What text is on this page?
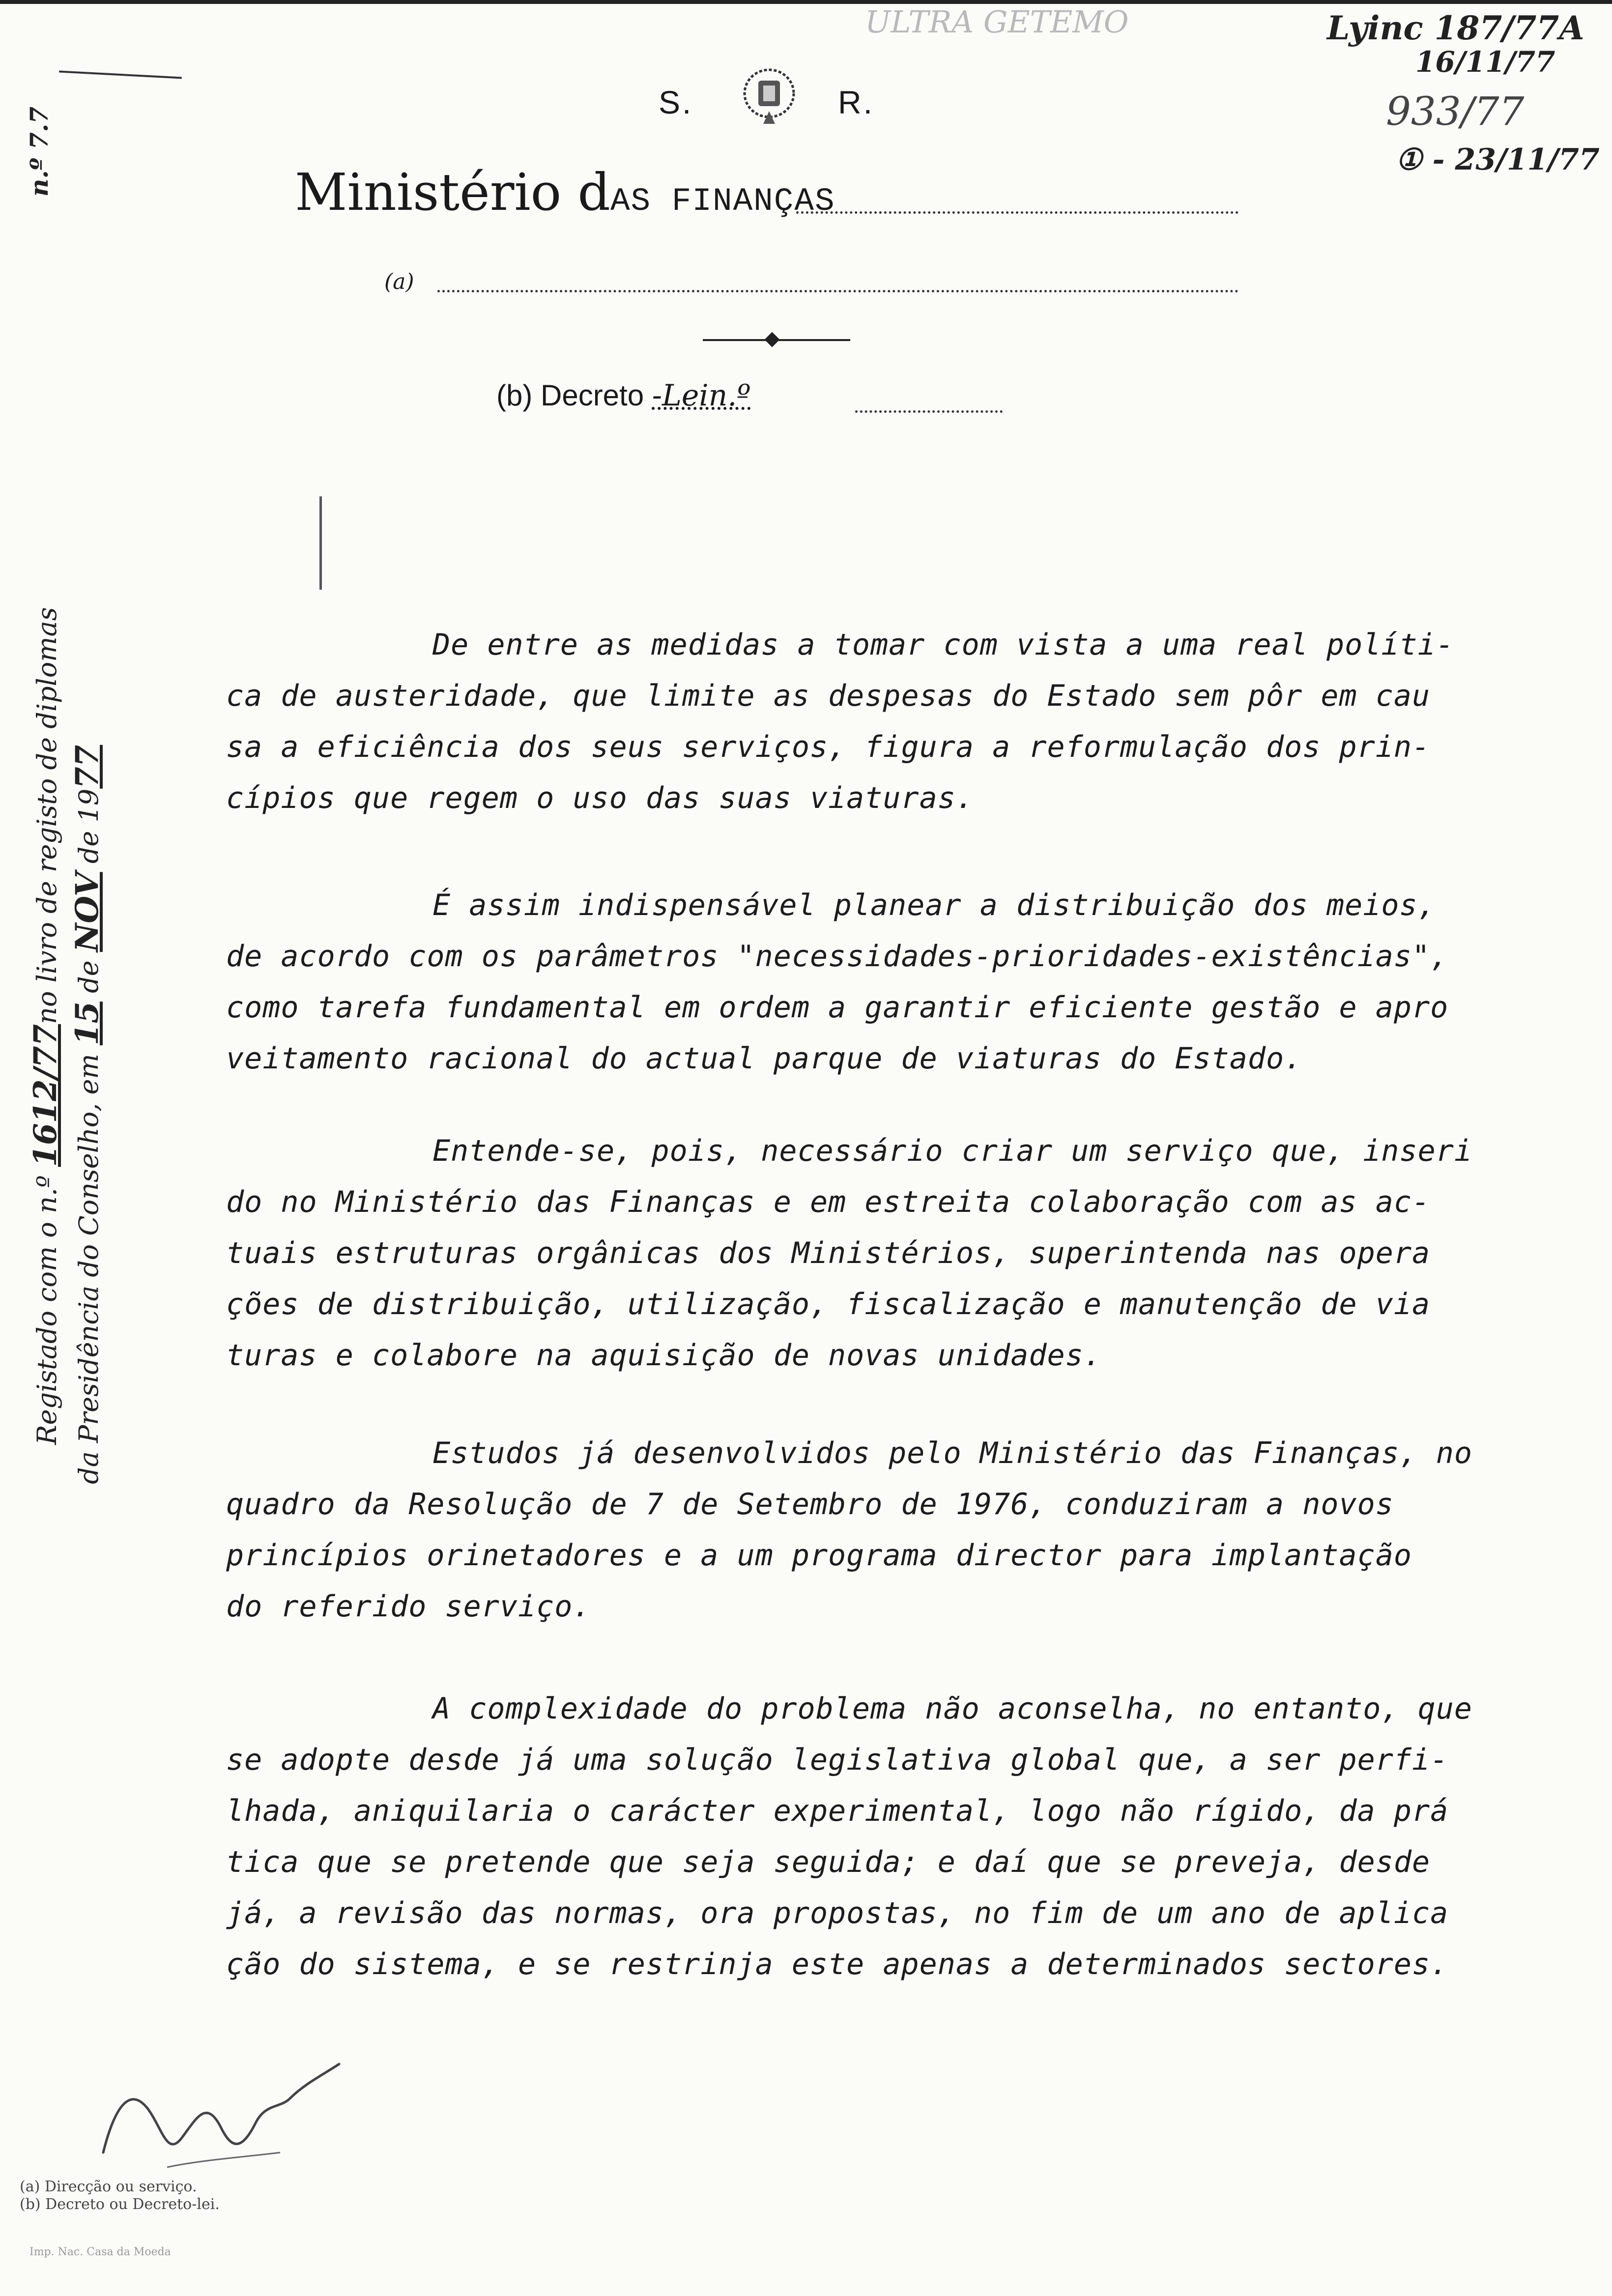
ULTRA GETEMO	Lyinc 187/77A
16/11/77
933/77
① - 23/11/77
n.º 7.7
S.	R.
Ministério dAS FINANÇAS
(a)
(b) Decreto -Lein.º
Registado com o n.º 1612/77no livro de registo de diplomas
da Presidência do Conselho, em 15 de NOV de 1977
De entre as medidas a tomar com vista a uma real políti-
ca de austeridade, que limite as despesas do Estado sem pôr em cau
sa a eficiência dos seus serviços, figura a reformulação dos prin-
cípios que regem o uso das suas viaturas.
É assim indispensável planear a distribuição dos meios,
de acordo com os parâmetros "necessidades-prioridades-existências",
como tarefa fundamental em ordem a garantir eficiente gestão e apro
veitamento racional do actual parque de viaturas do Estado.
Entende-se, pois, necessário criar um serviço que, inseri
do no Ministério das Finanças e em estreita colaboração com as ac-
tuais estruturas orgânicas dos Ministérios, superintenda nas opera
ções de distribuição, utilização, fiscalização e manutenção de via
turas e colabore na aquisição de novas unidades.
Estudos já desenvolvidos pelo Ministério das Finanças, no
quadro da Resolução de 7 de Setembro de 1976, conduziram a novos
princípios orinetadores e a um programa director para implantação
do referido serviço.
A complexidade do problema não aconselha, no entanto, que
se adopte desde já uma solução legislativa global que, a ser perfi-
lhada, aniquilaria o carácter experimental, logo não rígido, da prá
tica que se pretende que seja seguida; e daí que se preveja, desde
já, a revisão das normas, ora propostas, no fim de um ano de aplica
ção do sistema, e se restrinja este apenas a determinados sectores.
(a) Direcção ou serviço.
(b) Decreto ou Decreto-lei.
Imp. Nac. Casa da Moeda
